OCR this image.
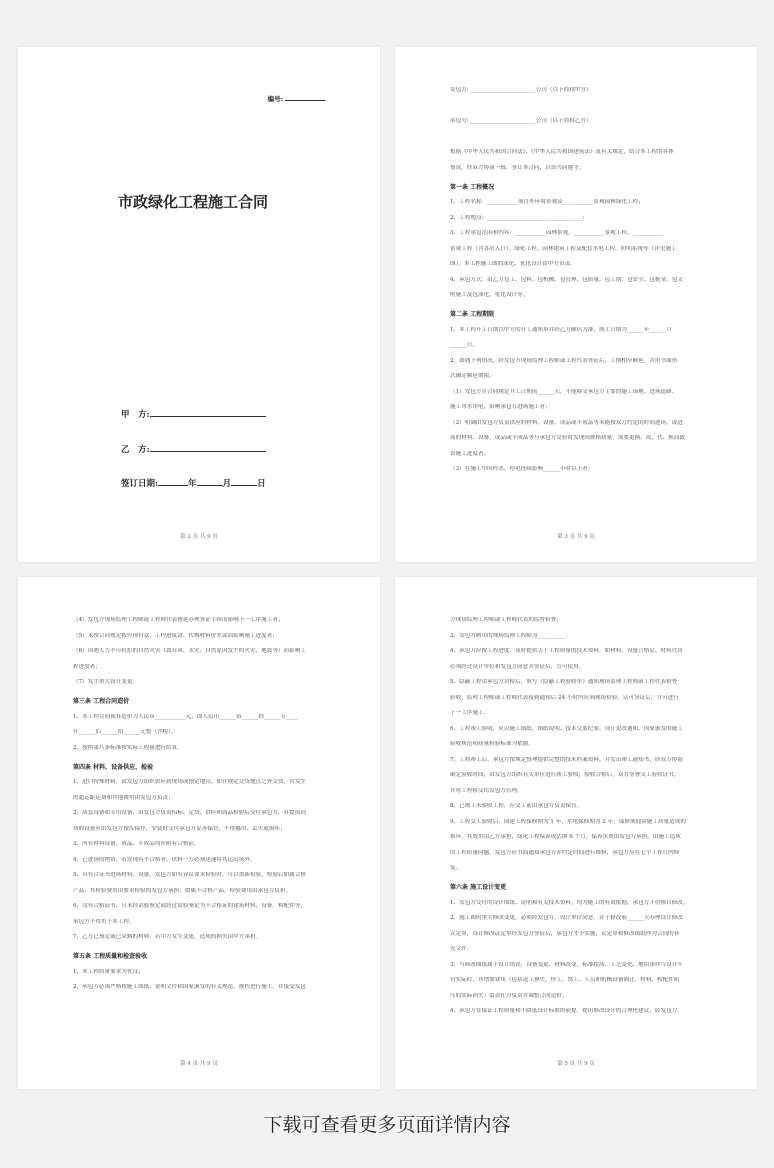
编号:
市政绿化工程施工合同
甲　方:
乙　方:
签订日期:	年	月	日
第 2 页 共 9 页
发包方:________________________公司（以下简称甲方）
承包方:________________________公司（以下简称乙方）
根据《中华人民共和国合同法》、《中华人民共和国建筑法》及有关规定，结合本工程的具体
情况，经双方协商一致，签订本合同，以资共同遵守。
第一条 工程概况
1、工程名称：___________项目外环境景观及___________景观园林绿化工程；
2、工程地点：__________________________________;
3、工程承包范围和内容：___________园林景观、___________景观工程、___________
景观工程（含各出入口）、绿化工程、园林建筑工程及配套水电工程、照明系统等（详见施工
图）、本工程施工图的深化、优化设计由甲方负责。
4、承包方式：由乙方包工、包料、包机械、包管理、包质量、包工期、包安全、包税金、包文
明施工及包深化，优化设计等。
第二条 工程期限
1、本工程开工日期以甲方的开工通知单并经乙方确认为准，竣工日期为______年______月
______日。
2、如遇下列情况，经发包方现场监理工程师或工程代表签证后，工期相应顺延，并用书面形
式确定顺延期限。
（1）发包方在合同规定开工日期前______天，不能移交承包方主要的施工场地、进场道路、
施工用水用电，影响承包方进场施工者；
（2）明确由发包方负责供应的材料、设备、成品或半成品等未能按双方约定的时间进场，或进
场的材料、设备、成品或半成品等与承包方交验时发现因规格质量、需要更换、改、代、换而致
误施工进度者；
（3）在施工中因停水、停电连续影响______小时以上者；
第 3 页 共 9 页
（4）发包方现场监理工程师或工程师代表拖延办理签证手续而影响下一工序施工者；
（5）未按合同规定拨付预付款、工程进度款、代购材料价差款而影响施工进度者；
（6）因遇人力不可抗拒的自然灾害（如台风、水灾、自然原因发生的火灾、地震等）而影响工
程进度者；
（7）发生重大设计变更。
第三条 工程合同造价
1、本工程合同预算造价为人民币___________元，即人民币______佰______拾______万____
仟______佰______拾______元整（含税）。
2、按照第八条标准按实际工程量进行结算。
第四条 材料、设备供应、检验
1、进口特殊材料，由发包方组织供应到现场或指定地点。如在规定交货地点之外交货，其发生
的超运距运费和其他费用由发包方负责；
2、成套设备和专用设备，由发包方负责招标、定货，供应和商品检验后交付承包方，对提前到
货的设备应由发包方按库保存，安装时交付承包方妥善保管，不得挪用，丢失或损坏；
3、所有材料设备、成品、半成品均应附有合格证。
4、已进场的物资，若发现有不合格者，供料一方必须迅速将其运出场外。
5、具有合证书进场材料、设备，发包方如有异议要求检验时，可以重新检验，检验后如属合格
产品，其检验费用由要求检验的发包方承担；如属不合格产品，检验费用由承包方负担。
6、没有合格证书，且未经试验鉴定或经过试验鉴定为不合格证的建筑材料、设备，构配件等，
承包方不得用于本工程。
7、乙方已预定或已采购的材料，若甲方发生变更，造成的损失由甲方承担。
第五条 工程质量和检查验收
1、本工程质量要求为优良；
2、承包方必须严格按施工图纸、说明文件和国家颁发的有关规范、规程进行施工，并接受发包
第 4 页 共 9 页
方现场监理工程师或工程师代表的监督检查；
3、发包方聘用的现场监理工程师为__________。
4、承包方应按工程进度，及时提供关于工程质量的技术资料，如材料、设备合格证、材料代用
必须经过设计单位和发包方同意并签证后，方可使用。
5、隐蔽工程由承包方自检后，填写《隐蔽工程验收单》通知现场监理工程师或工程代表检查
验收，监理工程师或工程师代表接到通知后 24 小时内应到现场检验，认可签证后，方可进行
下一工序施工。
6、工程竣工验收，应以施工图纸、图纸说明、技术交底纪要、设计更改通知、国家颁发的施工
验收规范和质量检验标准为依据。
7、工程竣工后，承包方按规定整理提供完整的技术档案资料，并发出竣工通知书，经双方协商
确定验收时间，由发包方组织有关单位进行竣工验收，验收合格后，双方签署交工验收证书，
并将工程移交给发包方管理。
8、已竣工未验收工程，在交工前由承包方负责保管。
9、工程交工验收后，园建工程保修期为 1 年，水电保修期为 2 年；保修期间由施工质量造成的
损坏，其费用由乙方承担，绿化工程保养成活期 6 个月，保养水费由发包方承担。由施工造成
的工程质量问题，发包方应书面通知承包方并约定时间进行维修，承包方应在七个工作日内修
复。
第六条 施工设计变更
1、发包方交付的设计图纸、说明和有关技术资料，均为施工的有效依据，承包方不得擅自修改。
2、施工图的重大修改变更，必须经发包方、设计单位同意，并于修改前______天办理设计修改
议定单，设计修改议定单经发包方签证后，承包方才予实施，议定单和修改图纸作为合同的补
充文件。
3、当修改图纸属于设计错误、设备变更、材料改变、标准提高、工艺变化、地质条件与设计不
符实际时，其增加费用（包括返工损失、停工、窝工、人员和机械设备调迁、材料、构配件积
压的实际损失）由责任方负责并调整合同造价。
4、承包方在保证工程质量和不降低设计标准的前提，提出修改设计的合理化建议，经发包方、
第 5 页 共 9 页
下载可查看更多页面详情内容
